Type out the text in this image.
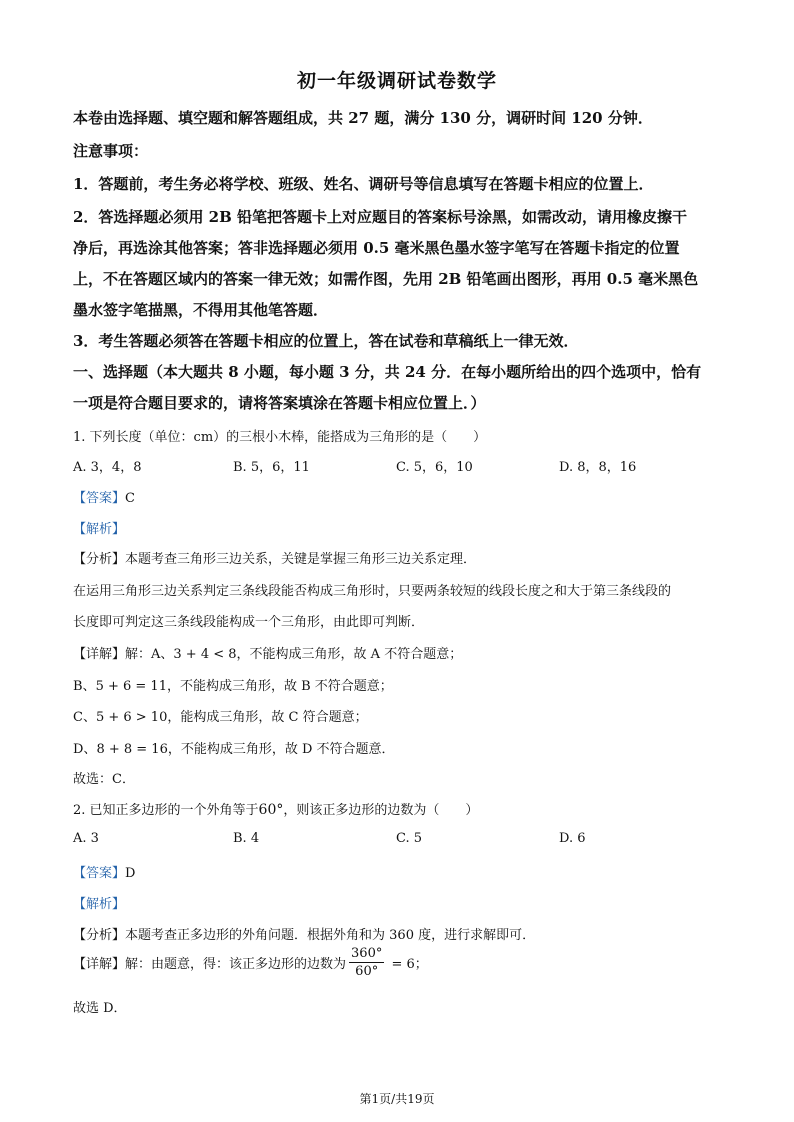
初一年级调研试卷数学
本卷由选择题、填空题和解答题组成，共 27 题，满分 130 分，调研时间 120 分钟．
注意事项：
1．答题前，考生务必将学校、班级、姓名、调研号等信息填写在答题卡相应的位置上．
2．答选择题必须用 2B 铅笔把答题卡上对应题目的答案标号涂黑，如需改动，请用橡皮擦干
净后，再选涂其他答案；答非选择题必须用 0.5 毫米黑色墨水签字笔写在答题卡指定的位置
上，不在答题区域内的答案一律无效；如需作图，先用 2B 铅笔画出图形，再用 0.5 毫米黑色
墨水签字笔描黑，不得用其他笔答题．
3．考生答题必须答在答题卡相应的位置上，答在试卷和草稿纸上一律无效．
一、选择题（本大题共 8 小题，每小题 3 分，共 24 分．在每小题所给出的四个选项中，恰有
一项是符合题目要求的，请将答案填涂在答题卡相应位置上．）
1. 下列长度（单位：cm）的三根小木棒，能搭成为三角形的是（　　）
A. 3，4，8	B. 5，6，11	C. 5，6，10	D. 8，8，16
【答案】C
【解析】
【分析】本题考查三角形三边关系，关键是掌握三角形三边关系定理．
在运用三角形三边关系判定三条线段能否构成三角形时，只要两条较短的线段长度之和大于第三条线段的
长度即可判定这三条线段能构成一个三角形，由此即可判断．
【详解】解：A、3 + 4 < 8，不能构成三角形，故 A 不符合题意；
B、5 + 6 = 11，不能构成三角形，故 B 不符合题意；
C、5 + 6 > 10，能构成三角形，故 C 符合题意；
D、8 + 8 = 16，不能构成三角形，故 D 不符合题意．
故选：C．
2. 已知正多边形的一个外角等于60°，则该正多边形的边数为（　　）
A. 3	B. 4	C. 5	D. 6
【答案】D
【解析】
【分析】本题考查正多边形的外角问题．根据外角和为 360 度，进行求解即可．
【详解】解：由题意，得：该正多边形的边数为 $\frac{360^\circ}{60^\circ} = 6$；
故选 D．
第1页/共19页
